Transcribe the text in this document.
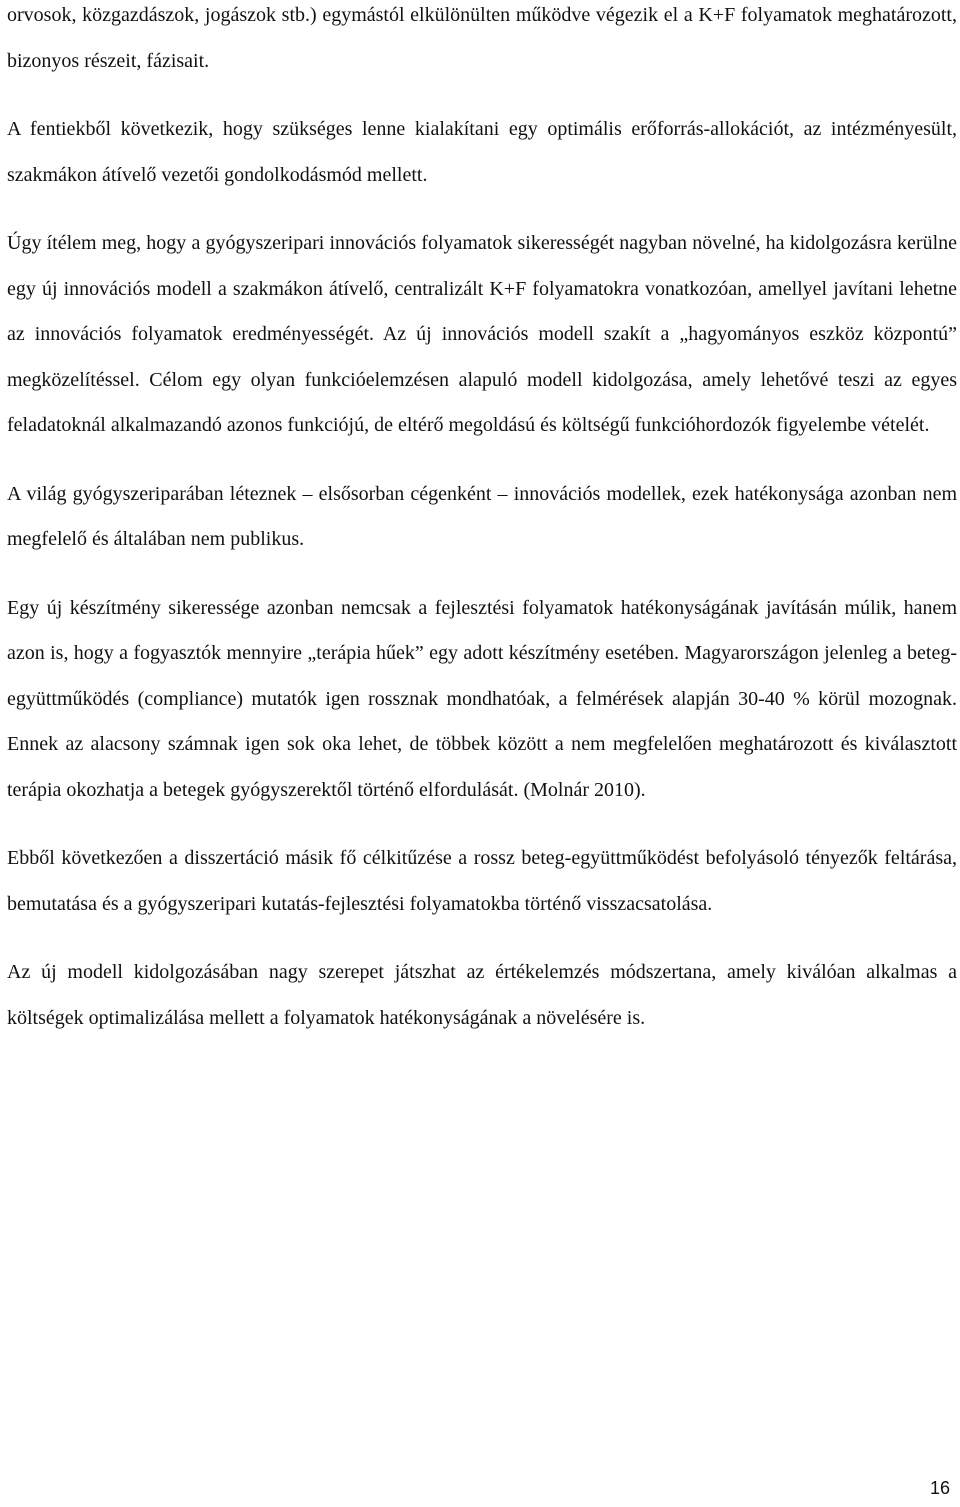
orvosok, közgazdászok, jogászok stb.) egymástól elkülönülten működve végezik el a K+F folyamatok meghatározott, bizonyos részeit, fázisait.

A fentiekből következik, hogy szükséges lenne kialakítani egy optimális erőforrás-allokációt, az intézményesült, szakmákon átívelő vezetői gondolkodásmód mellett.

Úgy ítélem meg, hogy a gyógyszeripari innovációs folyamatok sikerességét nagyban növelné, ha kidolgozásra kerülne egy új innovációs modell a szakmákon átívelő, centralizált K+F folyamatokra vonatkozóan, amellyel javítani lehetne az innovációs folyamatok eredményességét. Az új innovációs modell szakít a „hagyományos eszköz központú” megközelítéssel. Célom egy olyan funkcióelemzésen alapuló modell kidolgozása, amely lehetővé teszi az egyes feladatoknál alkalmazandó azonos funkciójú, de eltérő megoldású és költségű funkcióhordozók figyelembe vételét.

A világ gyógyszeriparában léteznek – elsősorban cégenként – innovációs modellek, ezek hatékonysága azonban nem megfelelő és általában nem publikus.

Egy új készítmény sikeressége azonban nemcsak a fejlesztési folyamatok hatékonyságának javításán múlik, hanem azon is, hogy a fogyasztók mennyire „terápia hűek” egy adott készítmény esetében. Magyarországon jelenleg a beteg-együttműködés (compliance) mutatók igen rossznak mondhatóak, a felmérések alapján 30-40 % körül mozognak. Ennek az alacsony számnak igen sok oka lehet, de többek között a nem megfelelően meghatározott és kiválasztott terápia okozhatja a betegek gyógyszerektől történő elfordulását. (Molnár 2010).

Ebből következően a disszertáció másik fő célkitűzése a rossz beteg-együttműködést befolyásoló tényezők feltárása, bemutatása és a gyógyszeripari kutatás-fejlesztési folyamatokba történő visszacsatolása.

Az új modell kidolgozásában nagy szerepet játszhat az értékelemzés módszertana, amely kiválóan alkalmas a költségek optimalizálása mellett a folyamatok hatékonyságának a növelésére is.

16
